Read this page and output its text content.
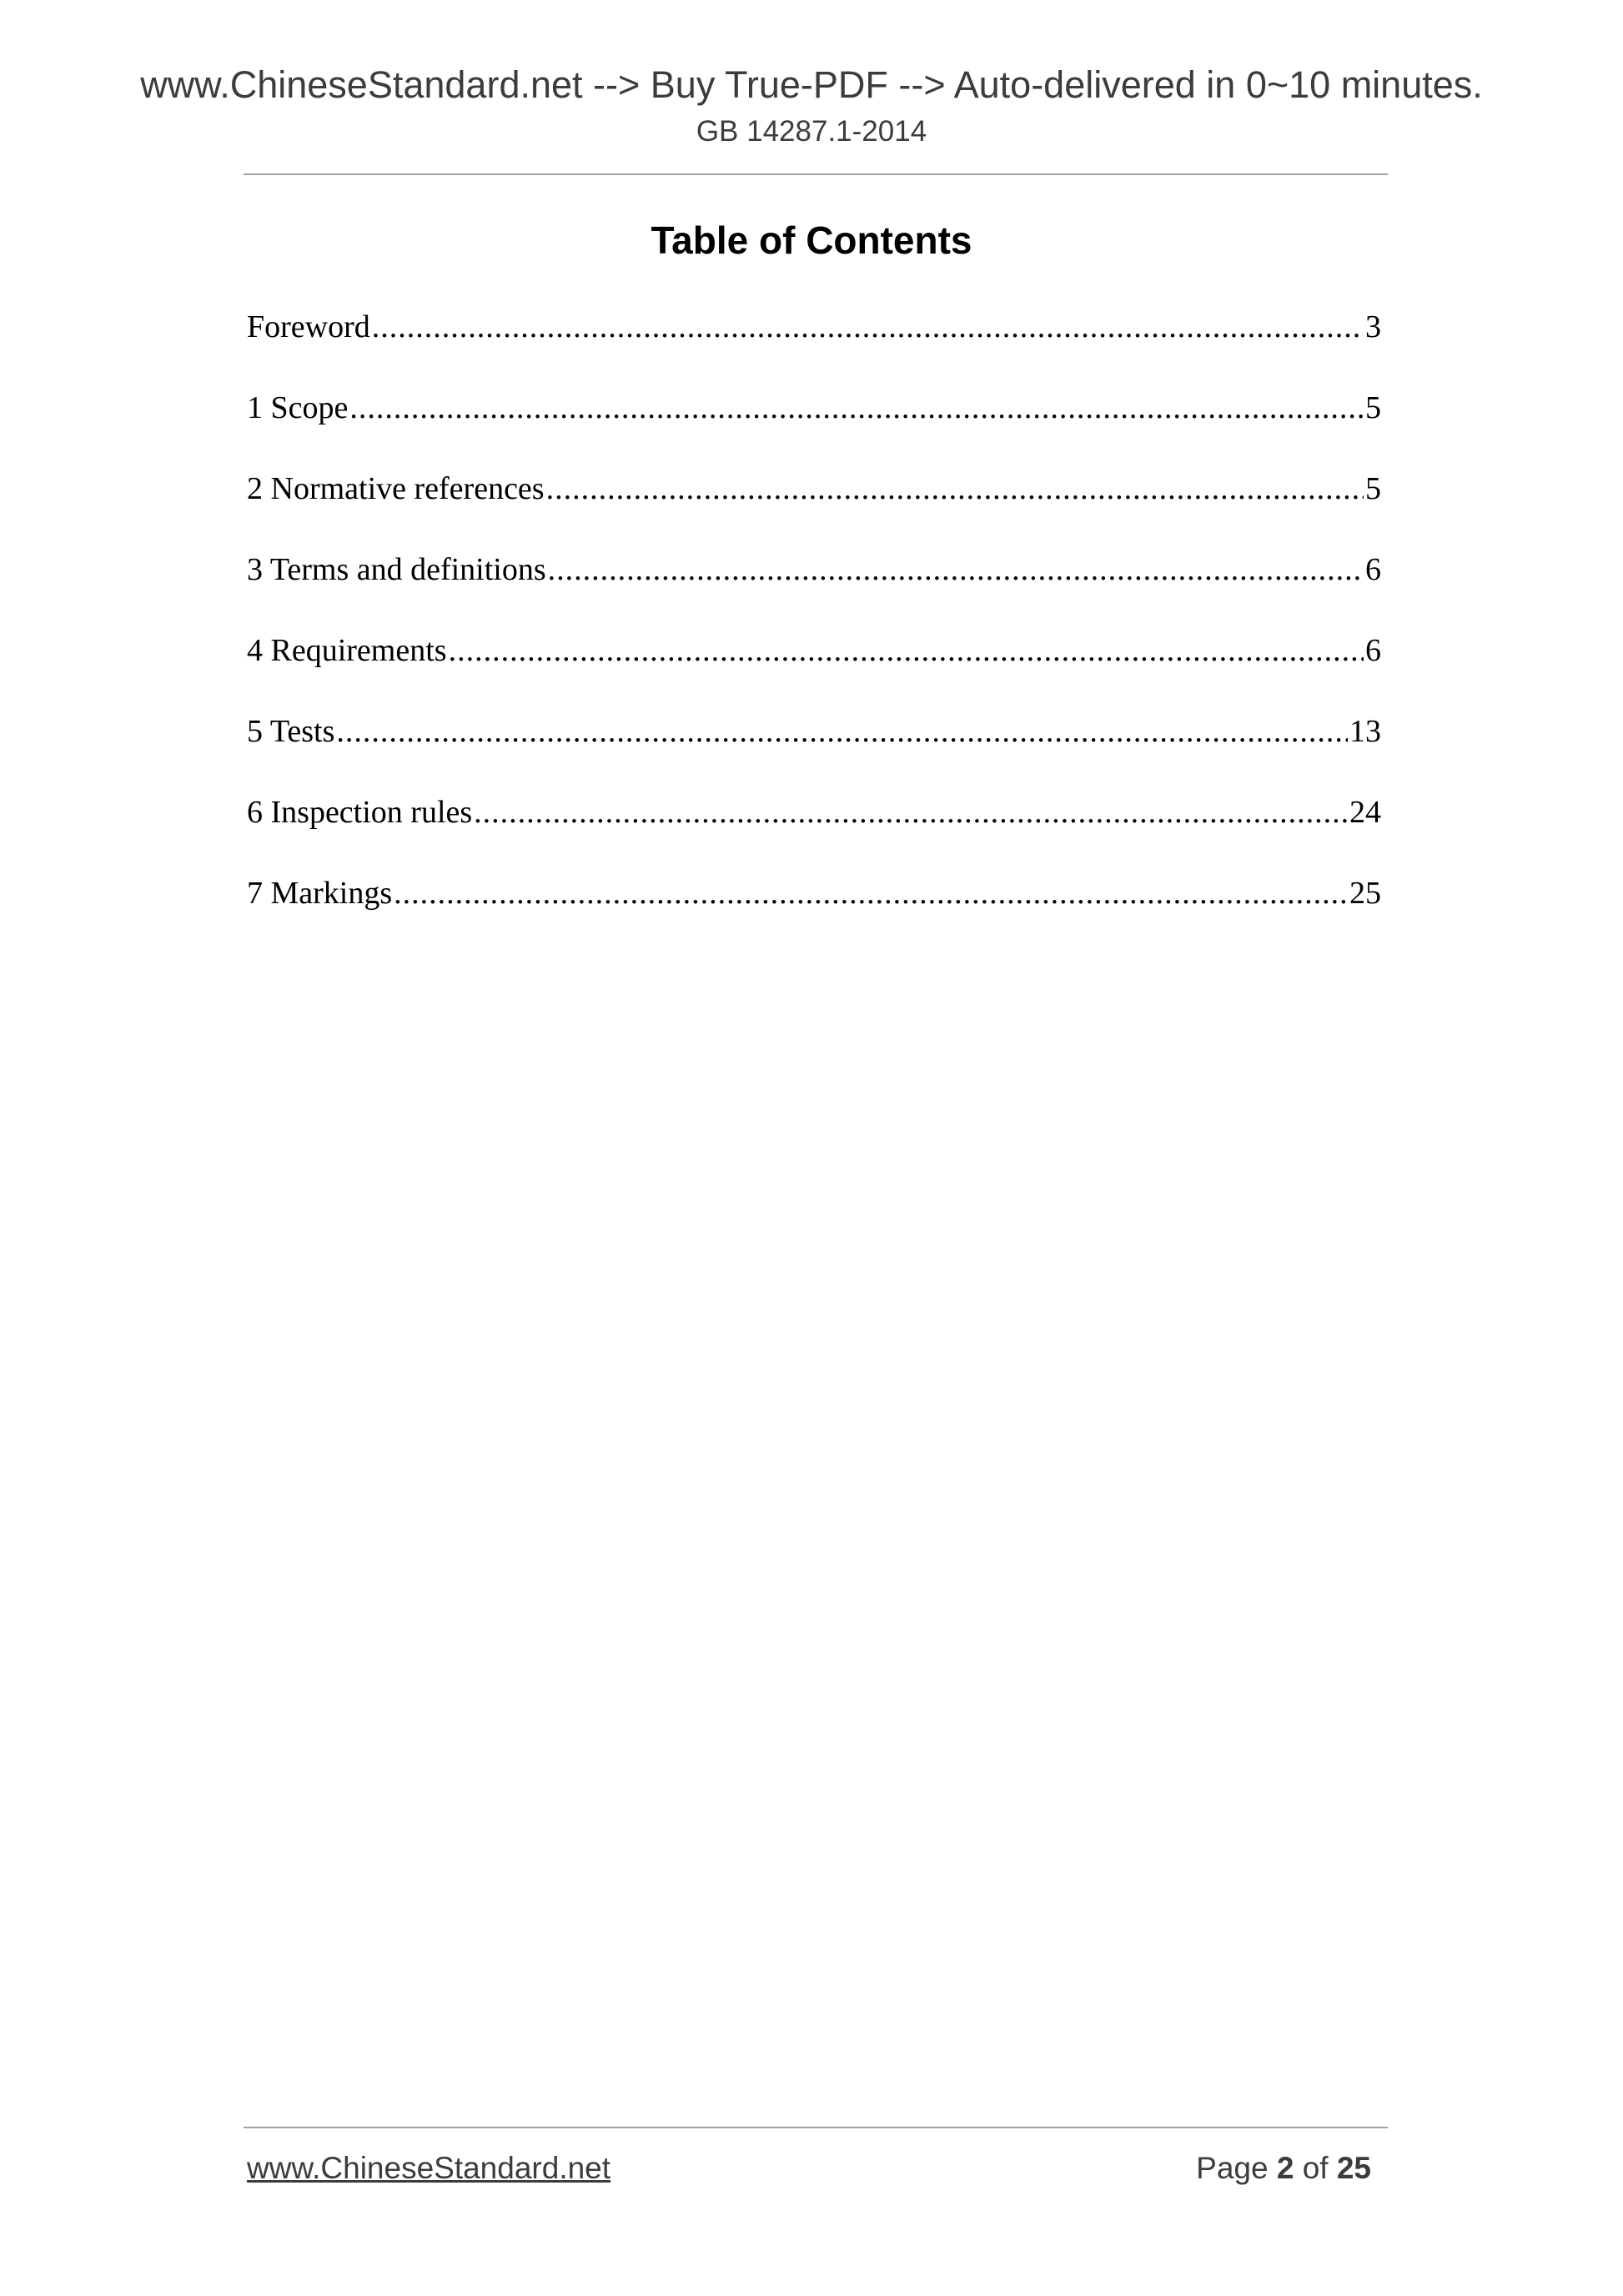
www.ChineseStandard.net --> Buy True-PDF --> Auto-delivered in 0~10 minutes.
GB 14287.1-2014
Table of Contents
Foreword .....	3
1 Scope .....	5
2 Normative references .....	5
3 Terms and definitions .....	6
4 Requirements .....	6
5 Tests .....	13
6 Inspection rules .....	24
7 Markings .....	25
www.ChineseStandard.net	Page 2 of 25
